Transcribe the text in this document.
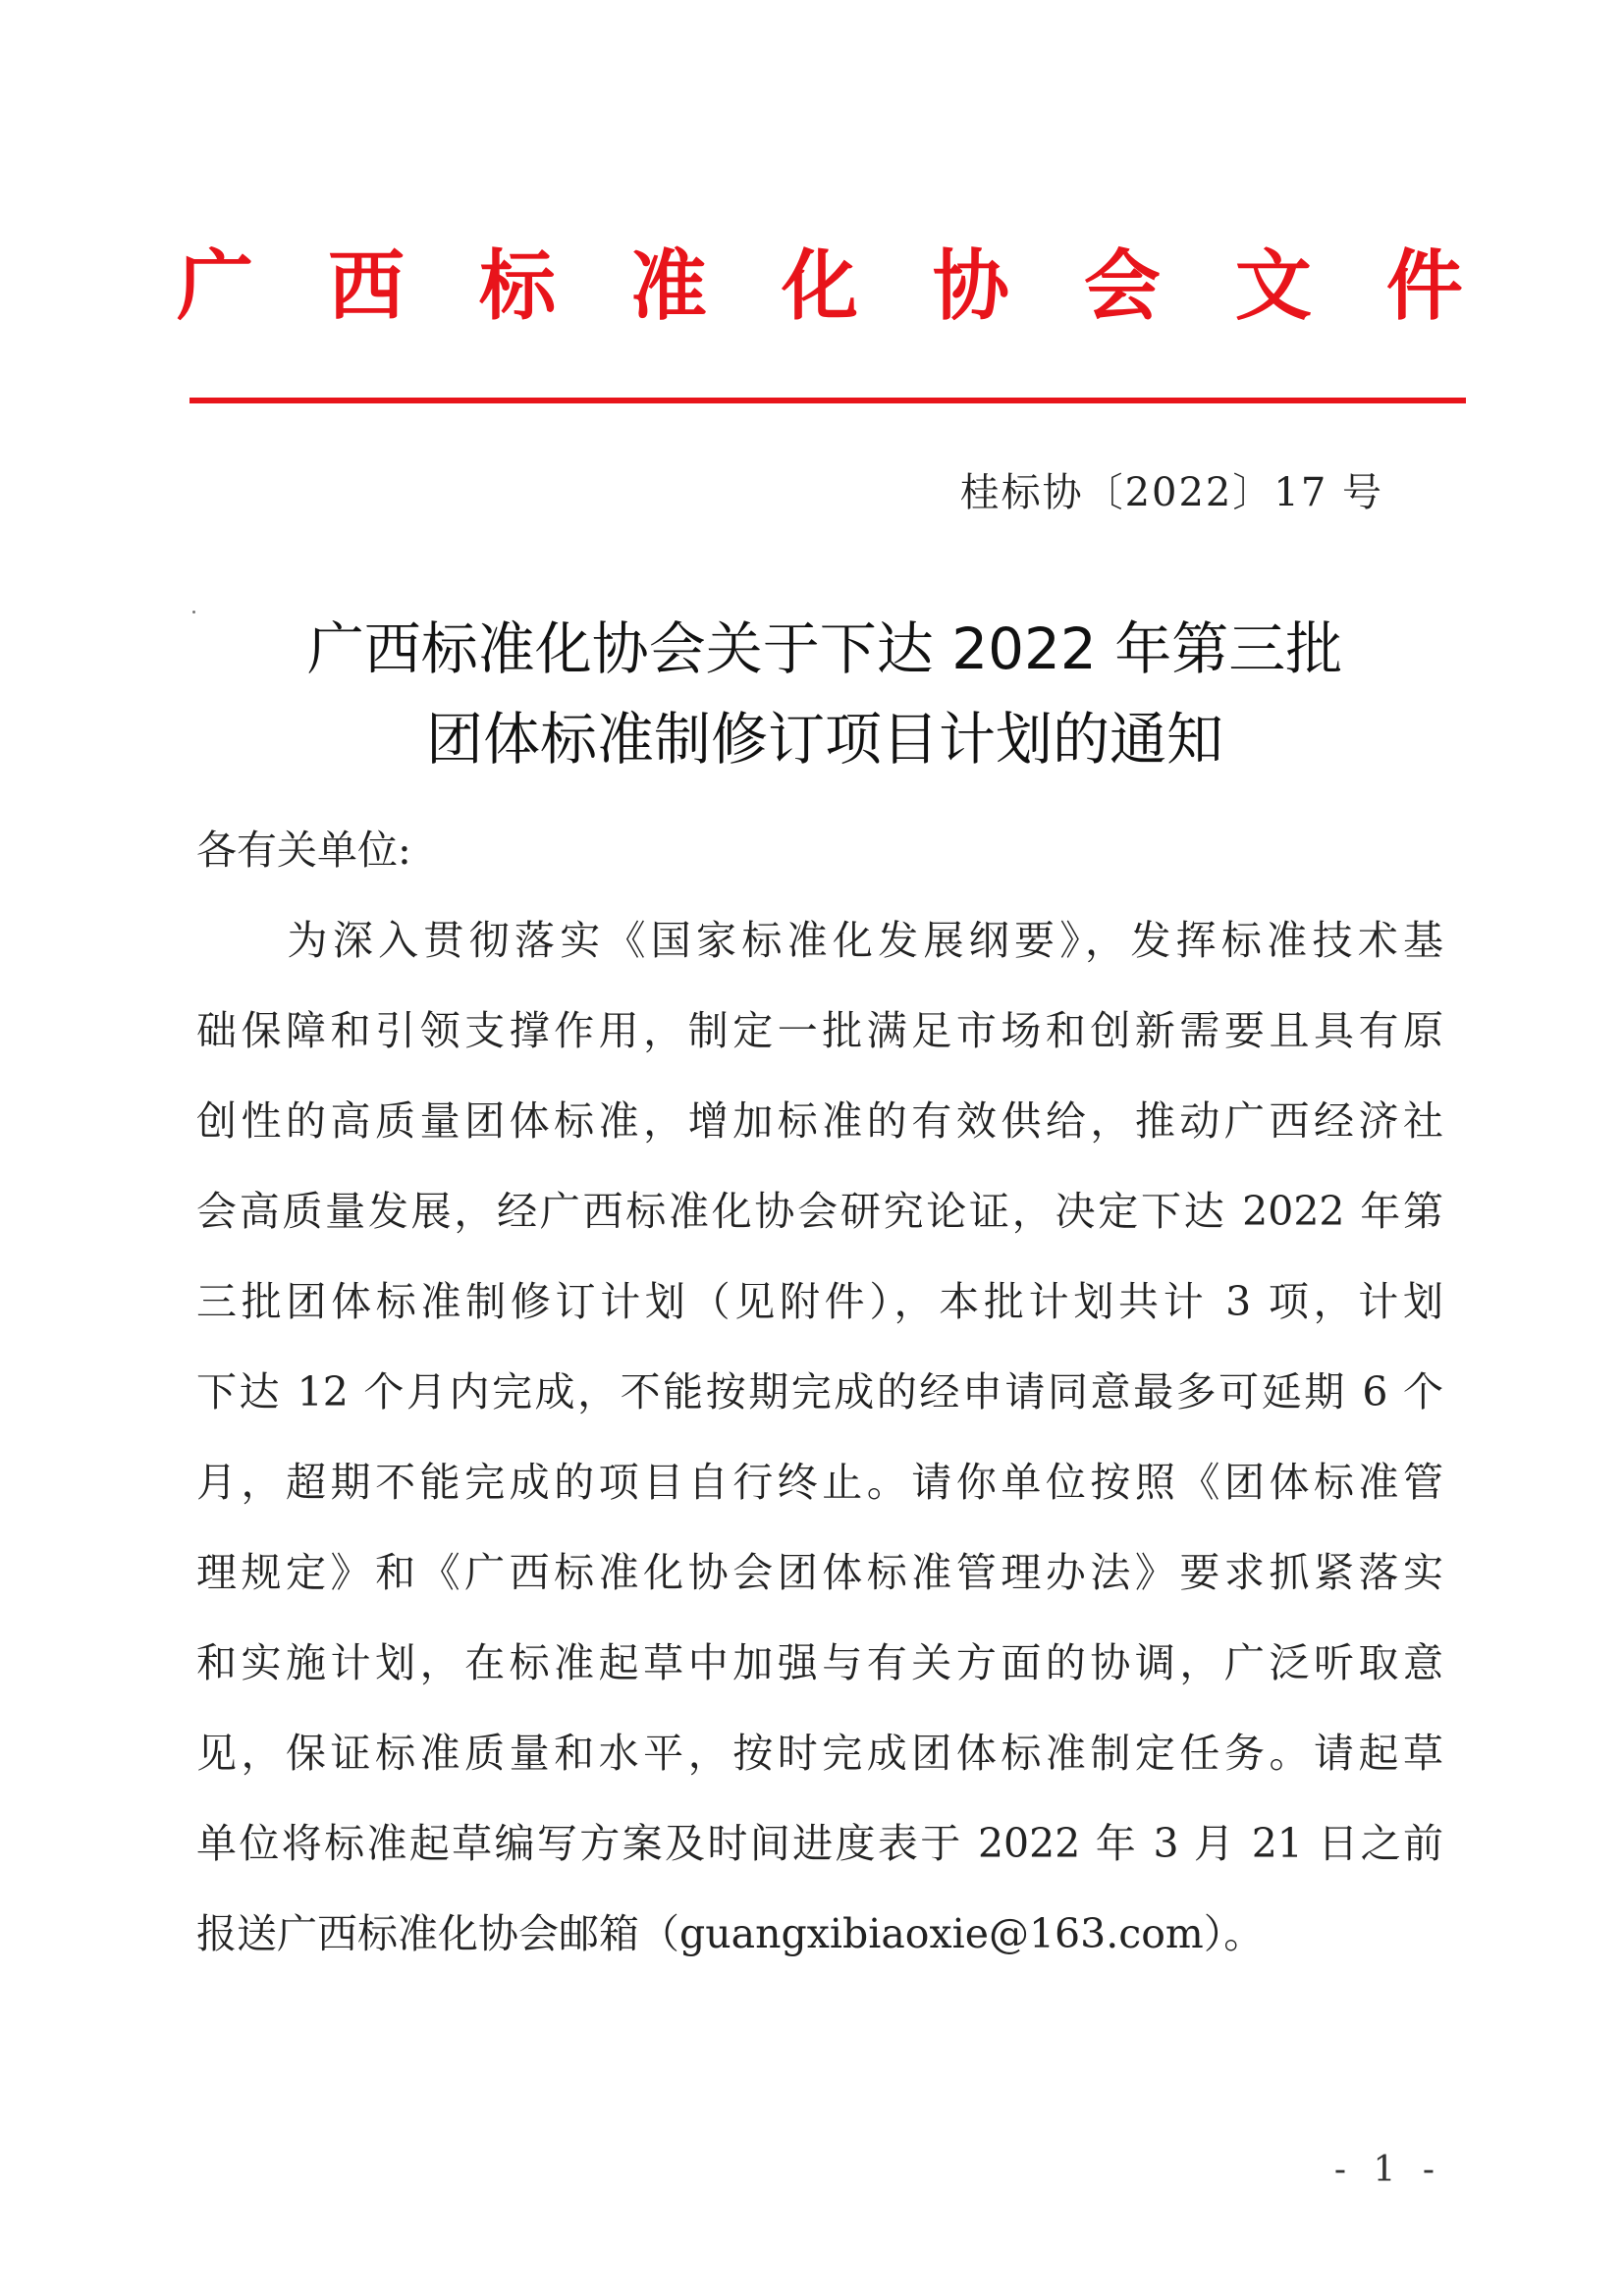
广 西 标 准 化 协 会 文 件
桂标协〔2022〕17 号
广西标准化协会关于下达 2022 年第三批
团体标准制修订项目计划的通知
各有关单位:
　　为深入贯彻落实《国家标准化发展纲要》，发挥标准技术基
础保障和引领支撑作用，制定一批满足市场和创新需要且具有原
创性的高质量团体标准，增加标准的有效供给，推动广西经济社
会高质量发展，经广西标准化协会研究论证，决定下达 2022 年第
三批团体标准制修订计划（见附件），本批计划共计 3 项，计划
下达 12 个月内完成，不能按期完成的经申请同意最多可延期 6 个
月，超期不能完成的项目自行终止。请你单位按照《团体标准管
理规定》和《广西标准化协会团体标准管理办法》要求抓紧落实
和实施计划，在标准起草中加强与有关方面的协调，广泛听取意
见，保证标准质量和水平，按时完成团体标准制定任务。请起草
单位将标准起草编写方案及时间进度表于 2022 年 3 月 21 日之前
报送广西标准化协会邮箱（guangxibiaoxie@163.com）。
- 1 -
